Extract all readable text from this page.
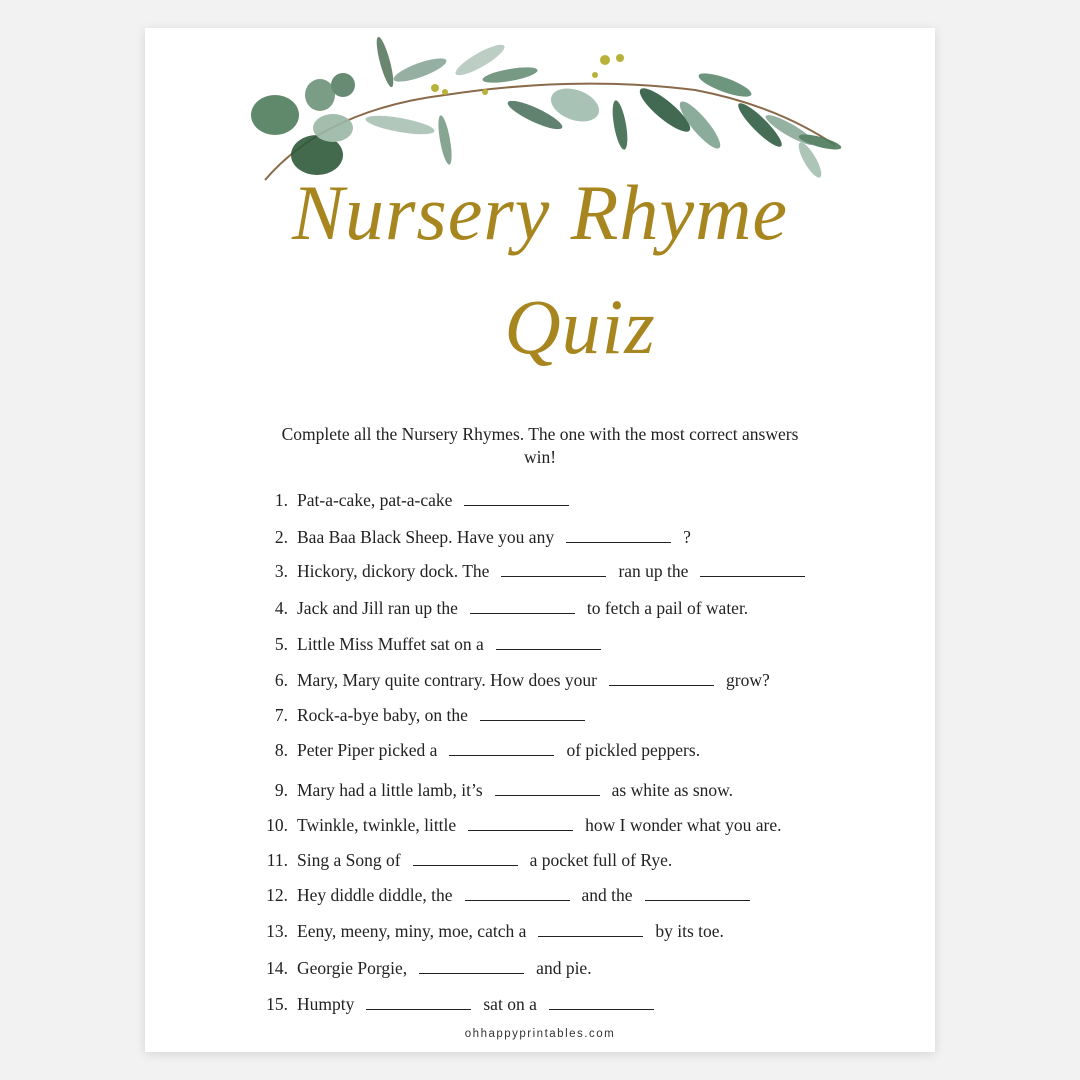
Nursery Rhyme
Quiz
Complete all the Nursery Rhymes. The one with the most correct answers win!
1. Pat-a-cake, pat-a-cake
2. Baa Baa Black Sheep. Have you any	?
3. Hickory, dickory dock. The	ran up the
4. Jack and Jill ran up the	to fetch a pail of water.
5. Little Miss Muffet sat on a
6. Mary, Mary quite contrary. How does your	grow?
7. Rock-a-bye baby, on the
8. Peter Piper picked a	of pickled peppers.
9. Mary had a little lamb, it’s	as white as snow.
10. Twinkle, twinkle, little	how I wonder what you are.
11. Sing a Song of	a pocket full of Rye.
12. Hey diddle diddle, the	and the
13. Eeny, meeny, miny, moe, catch a	by its toe.
14. Georgie Porgie,	and pie.
15. Humpty	sat on a
ohhappyprintables.com
